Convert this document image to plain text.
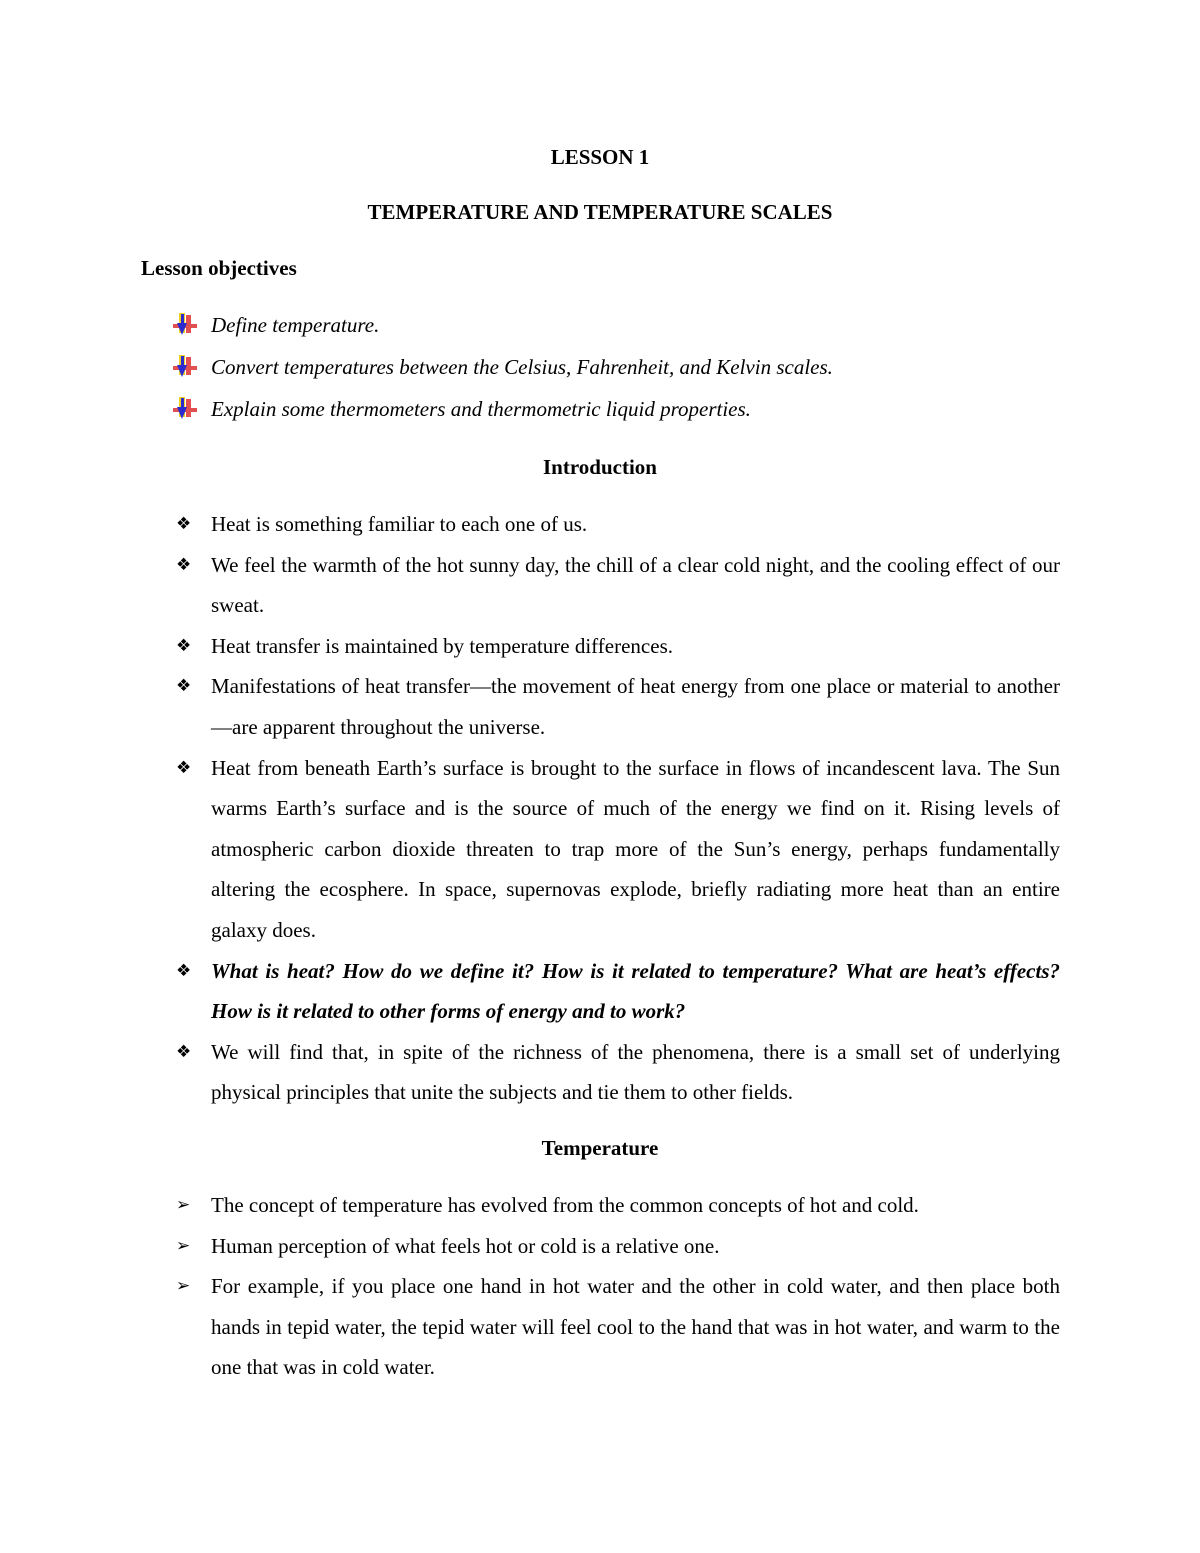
LESSON 1
TEMPERATURE AND TEMPERATURE SCALES
Lesson objectives
Define temperature.
Convert temperatures between the Celsius, Fahrenheit, and Kelvin scales.
Explain some thermometers and thermometric liquid properties.
Introduction
❖ Heat is something familiar to each one of us.
❖ We feel the warmth of the hot sunny day, the chill of a clear cold night, and the cooling effect of our sweat.
❖ Heat transfer is maintained by temperature differences.
❖ Manifestations of heat transfer—the movement of heat energy from one place or material to another—are apparent throughout the universe.
❖ Heat from beneath Earth’s surface is brought to the surface in flows of incandescent lava. The Sun warms Earth’s surface and is the source of much of the energy we find on it. Rising levels of atmospheric carbon dioxide threaten to trap more of the Sun’s energy, perhaps fundamentally altering the ecosphere. In space, supernovas explode, briefly radiating more heat than an entire galaxy does.
❖ What is heat? How do we define it? How is it related to temperature? What are heat’s effects? How is it related to other forms of energy and to work?
❖ We will find that, in spite of the richness of the phenomena, there is a small set of underlying physical principles that unite the subjects and tie them to other fields.
Temperature
➢ The concept of temperature has evolved from the common concepts of hot and cold.
➢ Human perception of what feels hot or cold is a relative one.
➢ For example, if you place one hand in hot water and the other in cold water, and then place both hands in tepid water, the tepid water will feel cool to the hand that was in hot water, and warm to the one that was in cold water.
